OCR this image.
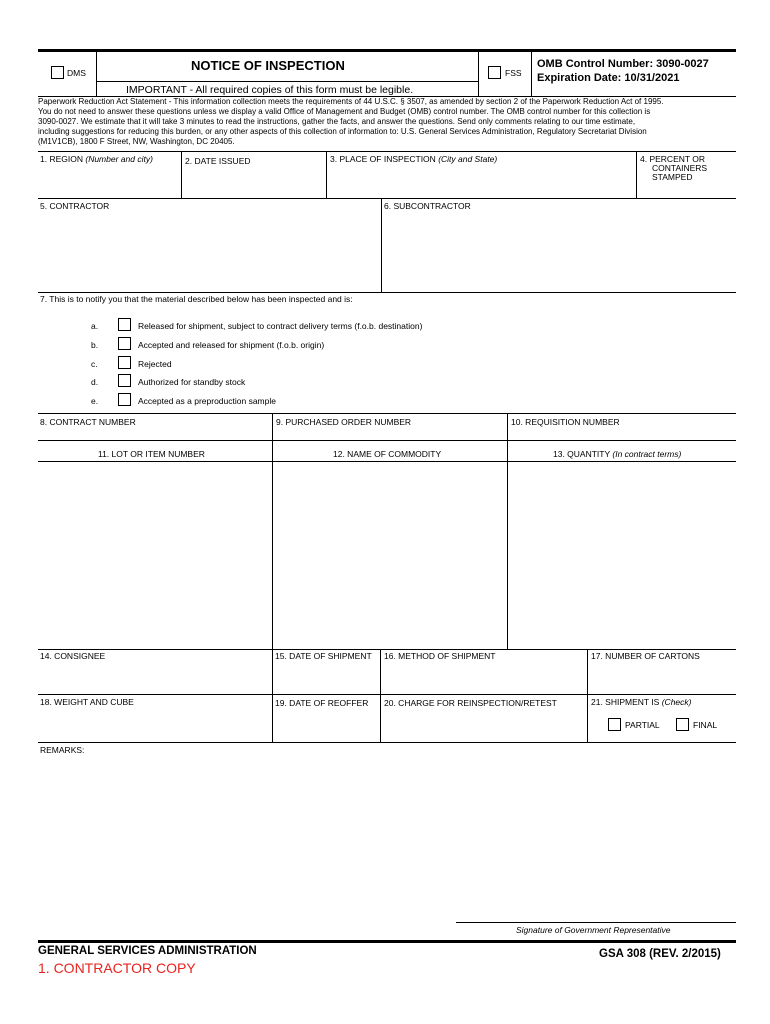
DMS	NOTICE OF INSPECTION
IMPORTANT - All required copies of this form must be legible.
FSS
OMB Control Number: 3090-0027
Expiration Date: 10/31/2021
Paperwork Reduction Act Statement - This information collection meets the requirements of 44 U.S.C. § 3507, as amended by section 2 of the Paperwork Reduction Act of 1995.
You do not need to answer these questions unless we display a valid Office of Management and Budget (OMB) control number. The OMB control number for this collection is
3090-0027. We estimate that it will take 3 minutes to read the instructions, gather the facts, and answer the questions. Send only comments relating to our time estimate,
including suggestions for reducing this burden, or any other aspects of this collection of information to: U.S. General Services Administration, Regulatory Secretariat Division
(M1V1CB), 1800 F Street, NW, Washington, DC 20405.
1. REGION (Number and city)	2. DATE ISSUED	3. PLACE OF INSPECTION (City and State)	4. PERCENT OR
CONTAINERS
STAMPED
5. CONTRACTOR	6. SUBCONTRACTOR
7. This is to notify you that the material described below has been inspected and is:
a.	Released for shipment, subject to contract delivery terms (f.o.b. destination)
b.	Accepted and released for shipment (f.o.b. origin)
c.	Rejected
d.	Authorized for standby stock
e.	Accepted as a preproduction sample
8. CONTRACT NUMBER	9. PURCHASED ORDER NUMBER	10. REQUISITION NUMBER
11. LOT OR ITEM NUMBER	12. NAME OF COMMODITY	13. QUANTITY (In contract terms)
14. CONSIGNEE	15. DATE OF SHIPMENT 16. METHOD OF SHIPMENT	17. NUMBER OF CARTONS
18. WEIGHT AND CUBE	19. DATE OF REOFFER 20. CHARGE FOR REINSPECTION/RETEST	21. SHIPMENT IS (Check)
PARTIAL	FINAL
REMARKS:
Signature of Government Representative
GENERAL SERVICES ADMINISTRATION
1. CONTRACTOR COPY
GSA 308 (REV. 2/2015)
